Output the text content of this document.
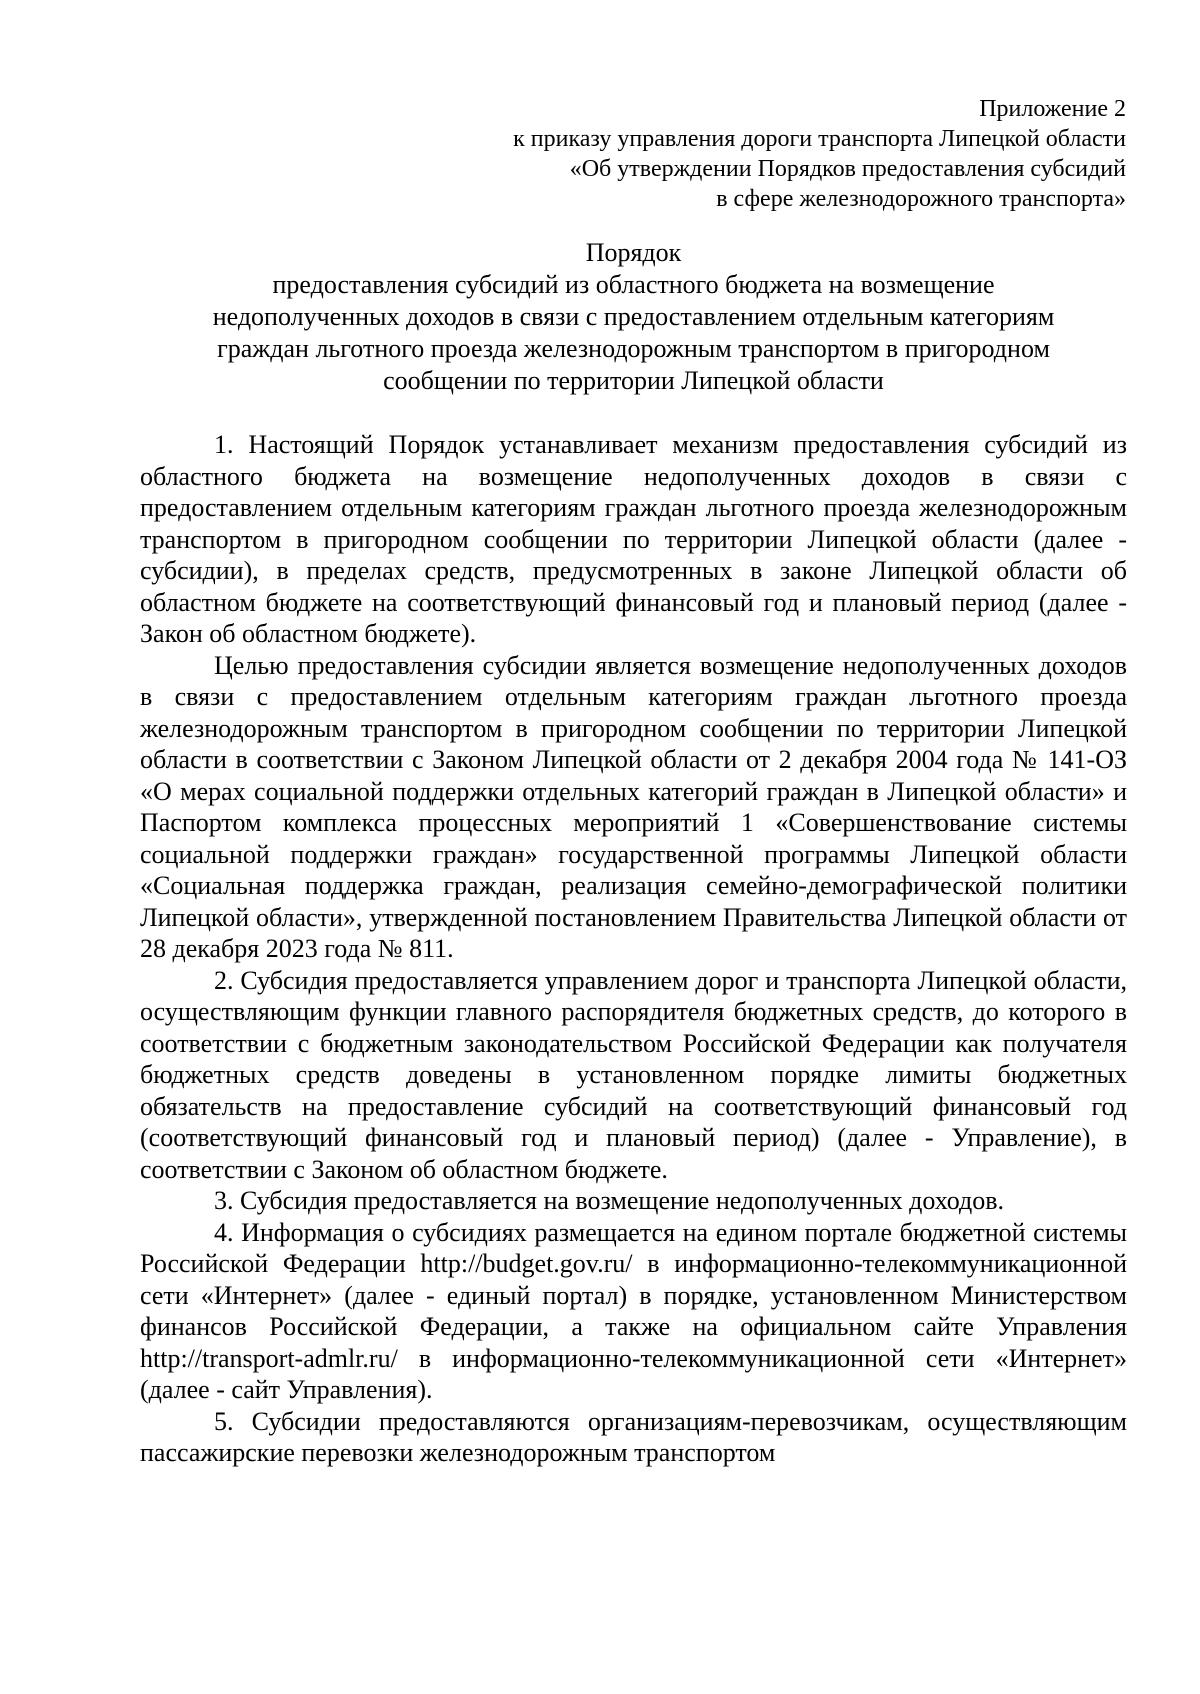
Приложение 2
к приказу управления дороги транспорта Липецкой области
«Об утверждении Порядков предоставления субсидий
в сфере железнодорожного транспорта»
Порядок
предоставления субсидий из областного бюджета на возмещение
недополученных доходов в связи с предоставлением отдельным категориям
граждан льготного проезда железнодорожным транспортом в пригородном
сообщении по территории Липецкой области

1. Настоящий Порядок устанавливает механизм предоставления субсидий из областного бюджета на возмещение недополученных доходов в связи с предоставлением отдельным категориям граждан льготного проезда железнодорожным транспортом в пригородном сообщении по территории Липецкой области (далее - субсидии), в пределах средств, предусмотренных в законе Липецкой области об областном бюджете на соответствующий финансовый год и плановый период (далее - Закон об областном бюджете).

Целью предоставления субсидии является возмещение недополученных доходов в связи с предоставлением отдельным категориям граждан льготного проезда железнодорожным транспортом в пригородном сообщении по территории Липецкой области в соответствии с Законом Липецкой области от 2 декабря 2004 года № 141-ОЗ «О мерах социальной поддержки отдельных категорий граждан в Липецкой области» и Паспортом комплекса процессных мероприятий 1 «Совершенствование системы социальной поддержки граждан» государственной программы Липецкой области «Социальная поддержка граждан, реализация семейно-демографической политики Липецкой области», утвержденной постановлением Правительства Липецкой области от 28 декабря 2023 года № 811.

2. Субсидия предоставляется управлением дорог и транспорта Липецкой области, осуществляющим функции главного распорядителя бюджетных средств, до которого в соответствии с бюджетным законодательством Российской Федерации как получателя бюджетных средств доведены в установленном порядке лимиты бюджетных обязательств на предоставление субсидий на соответствующий финансовый год (соответствующий финансовый год и плановый период) (далее - Управление), в соответствии с Законом об областном бюджете.

3. Субсидия предоставляется на возмещение недополученных доходов.

4. Информация о субсидиях размещается на едином портале бюджетной системы Российской Федерации http://budget.gov.ru/ в информационно-телекоммуникационной сети «Интернет» (далее - единый портал) в порядке, установленном Министерством финансов Российской Федерации, а также на официальном сайте Управления http://transport-admlr.ru/ в информационно-телекоммуникационной сети «Интернет» (далее - сайт Управления).

5. Субсидии предоставляются организациям-перевозчикам, осуществляющим пассажирские перевозки железнодорожным транспортом
